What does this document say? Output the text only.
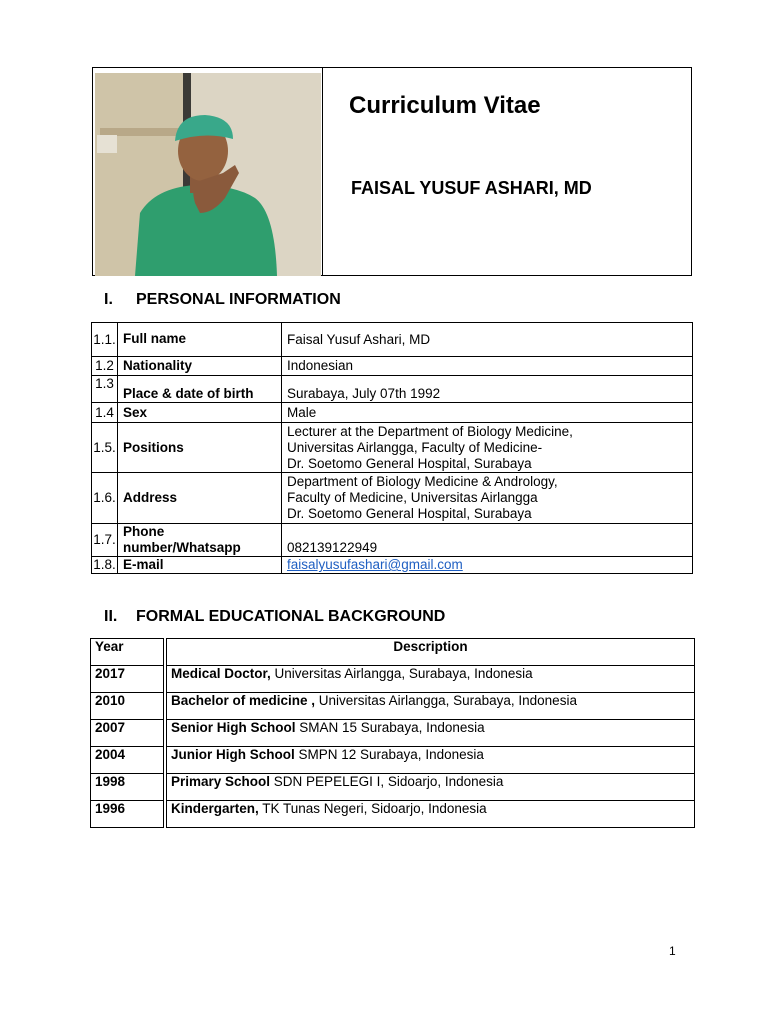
Curriculum Vitae
FAISAL YUSUF ASHARI, MD
I. PERSONAL INFORMATION
1.1.	Full name	Faisal Yusuf Ashari, MD
1.2	Nationality	Indonesian
1.3	Place & date of birth	Surabaya, July 07th 1992
1.4	Sex	Male
1.5.	Positions	Lecturer at the Department of Biology Medicine,
Universitas Airlangga, Faculty of Medicine-
Dr. Soetomo General Hospital, Surabaya

1.6.	Address	Department of Biology Medicine & Andrology,
Faculty of Medicine, Universitas Airlangga
Dr. Soetomo General Hospital, Surabaya

1.7.	Phone number/Whatsapp	082139122949
1.8.	E-mail	faisalyusufashari@gmail.com
II. FORMAL EDUCATIONAL BACKGROUND
Year	Description
2017	Medical Doctor, Universitas Airlangga, Surabaya, Indonesia
2010	Bachelor of medicine , Universitas Airlangga, Surabaya, Indonesia
2007	Senior High School SMAN 15 Surabaya, Indonesia
2004	Junior High School SMPN 12 Surabaya, Indonesia
1998	Primary School SDN PEPELEGI I, Sidoarjo, Indonesia
1996	Kindergarten, TK Tunas Negeri, Sidoarjo, Indonesia
1
